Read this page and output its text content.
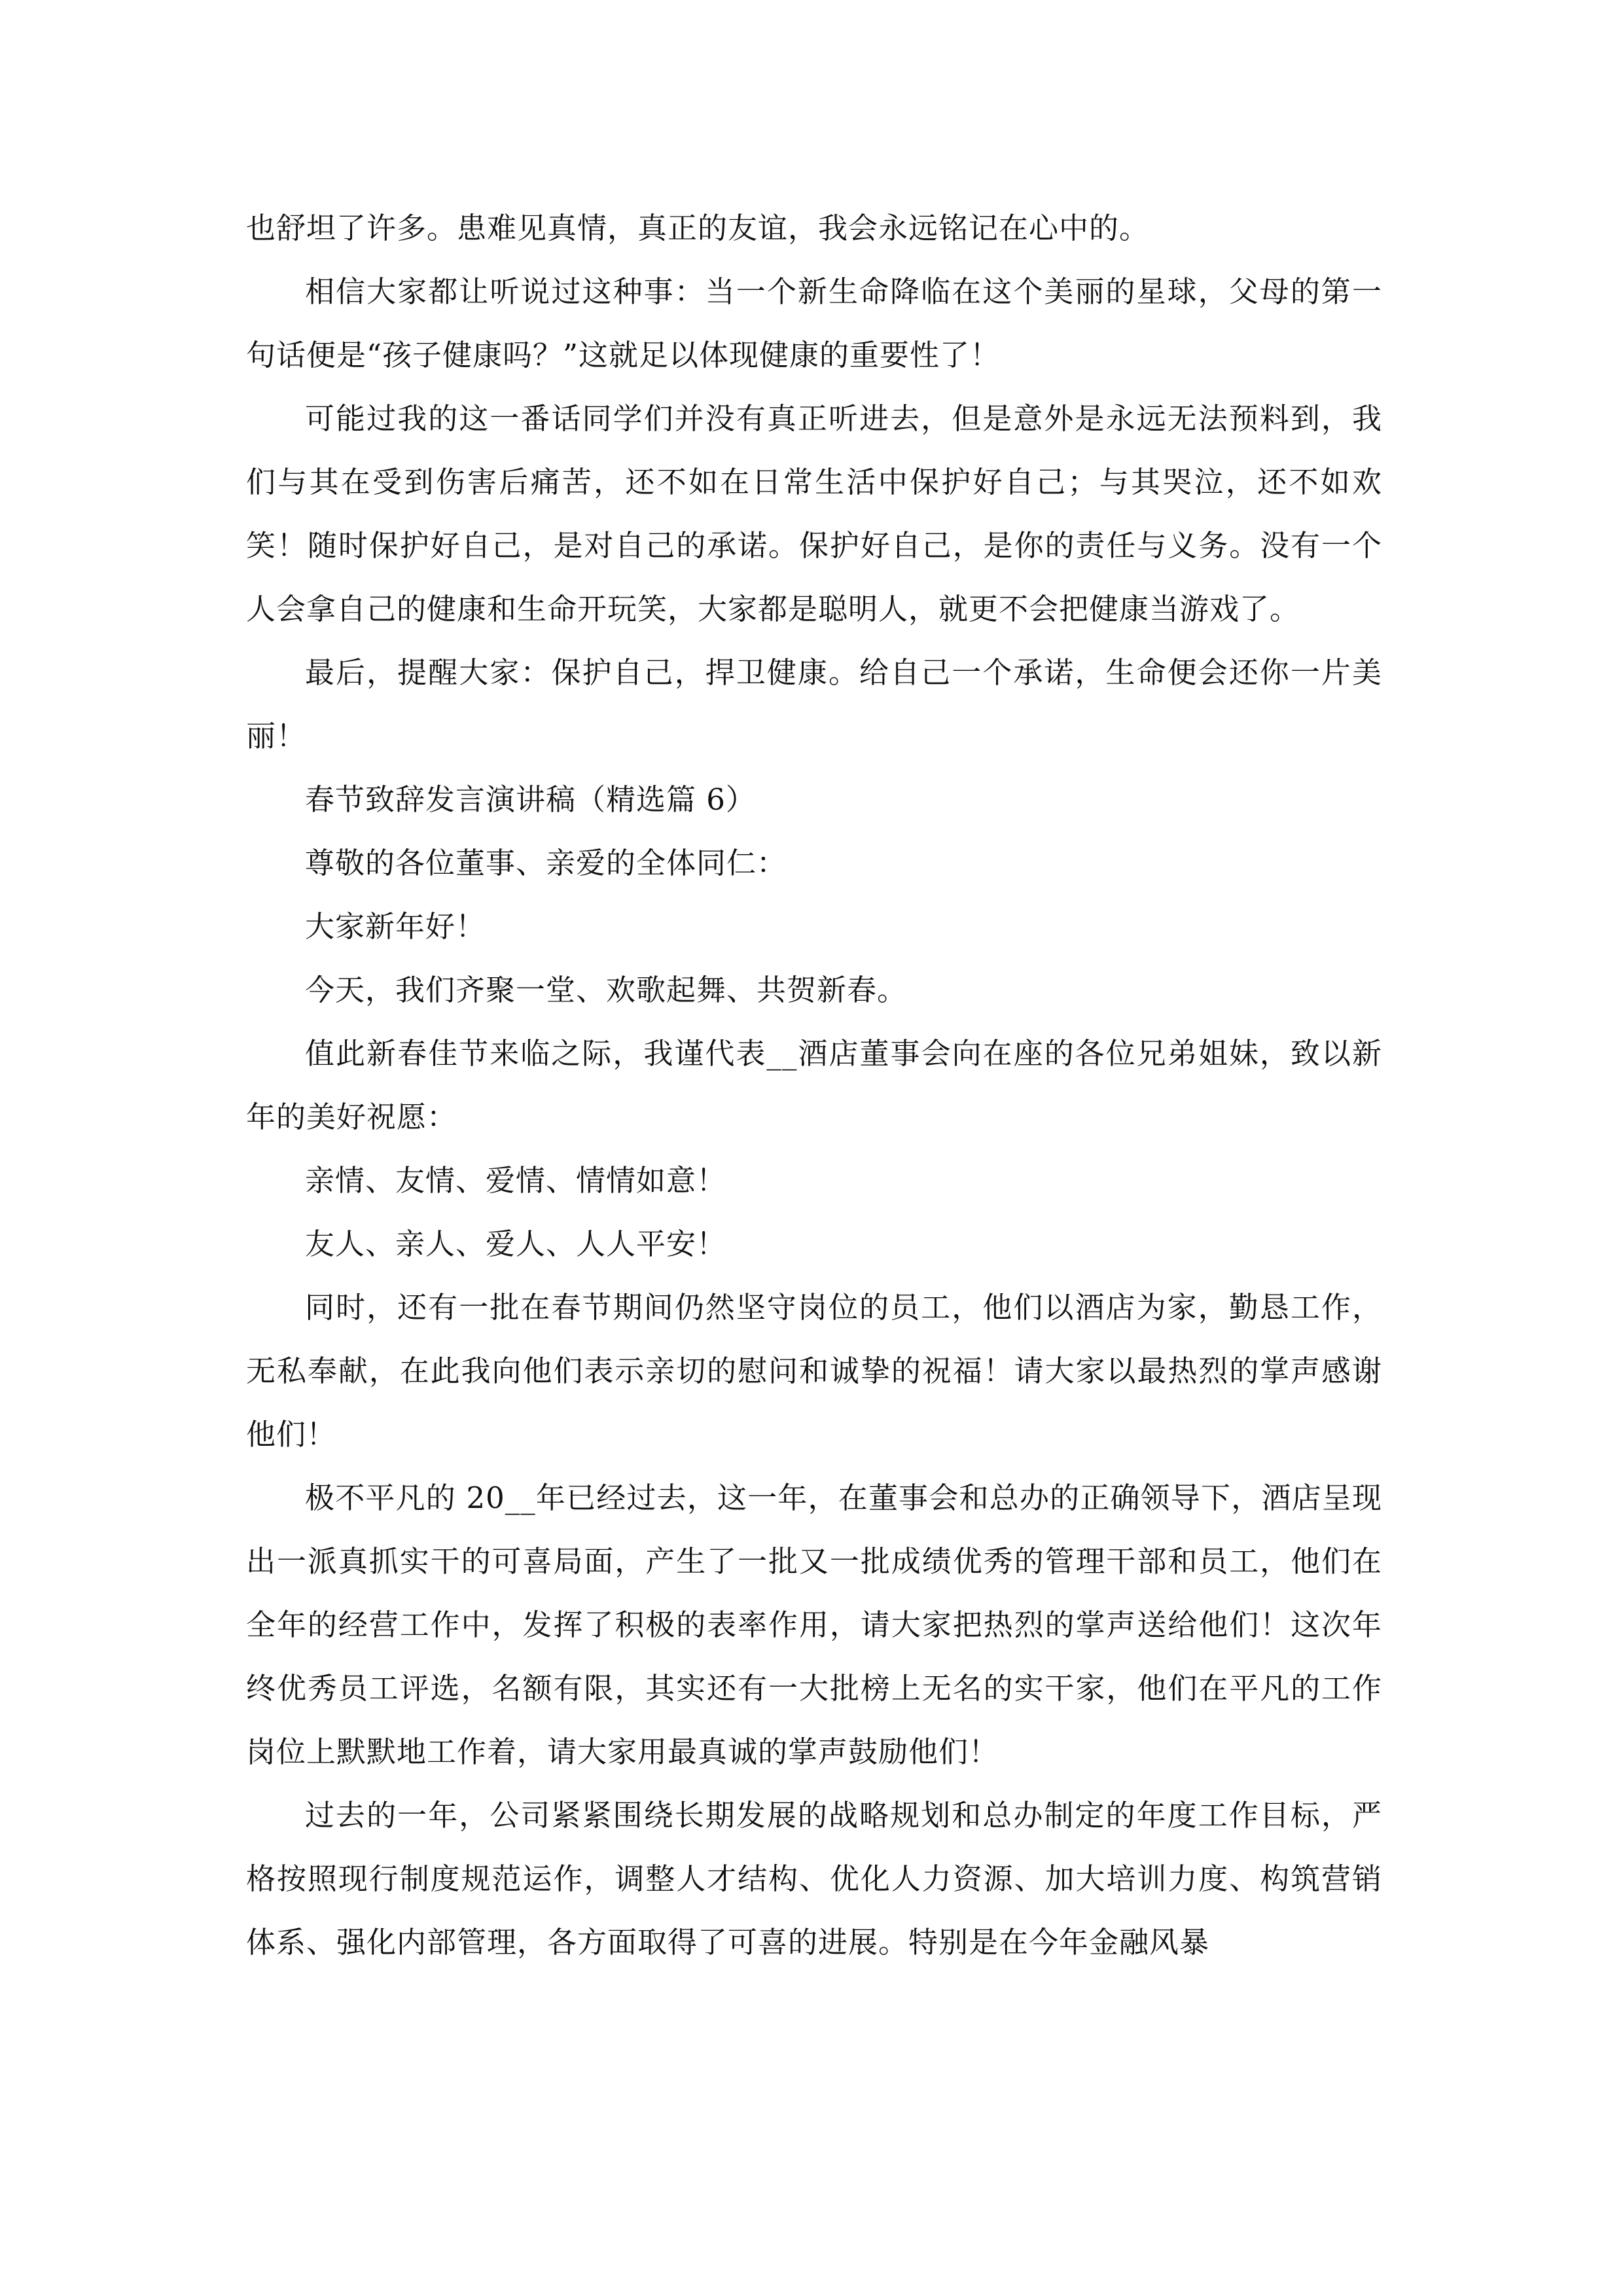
也舒坦了许多。患难见真情，真正的友谊，我会永远铭记在心中的。

相信大家都让听说过这种事：当一个新生命降临在这个美丽的星球，父母的第一句话便是“孩子健康吗？”这就足以体现健康的重要性了！

可能过我的这一番话同学们并没有真正听进去，但是意外是永远无法预料到，我们与其在受到伤害后痛苦，还不如在日常生活中保护好自己；与其哭泣，还不如欢笑！随时保护好自己，是对自己的承诺。保护好自己，是你的责任与义务。没有一个人会拿自己的健康和生命开玩笑，大家都是聪明人，就更不会把健康当游戏了。

最后，提醒大家：保护自己，捍卫健康。给自己一个承诺，生命便会还你一片美丽！

春节致辞发言演讲稿（精选篇 6）

尊敬的各位董事、亲爱的全体同仁：

大家新年好！

今天，我们齐聚一堂、欢歌起舞、共贺新春。

值此新春佳节来临之际，我谨代表__酒店董事会向在座的各位兄弟姐妹，致以新年的美好祝愿：

亲情、友情、爱情、情情如意！

友人、亲人、爱人、人人平安！

同时，还有一批在春节期间仍然坚守岗位的员工，他们以酒店为家，勤恳工作，无私奉献，在此我向他们表示亲切的慰问和诚挚的祝福！请大家以最热烈的掌声感谢他们！

极不平凡的 20__年已经过去，这一年，在董事会和总办的正确领导下，酒店呈现出一派真抓实干的可喜局面，产生了一批又一批成绩优秀的管理干部和员工，他们在全年的经营工作中，发挥了积极的表率作用，请大家把热烈的掌声送给他们！这次年终优秀员工评选，名额有限，其实还有一大批榜上无名的实干家，他们在平凡的工作岗位上默默地工作着，请大家用最真诚的掌声鼓励他们！

过去的一年，公司紧紧围绕长期发展的战略规划和总办制定的年度工作目标，严格按照现行制度规范运作，调整人才结构、优化人力资源、加大培训力度、构筑营销体系、强化内部管理，各方面取得了可喜的进展。特别是在今年金融风暴
